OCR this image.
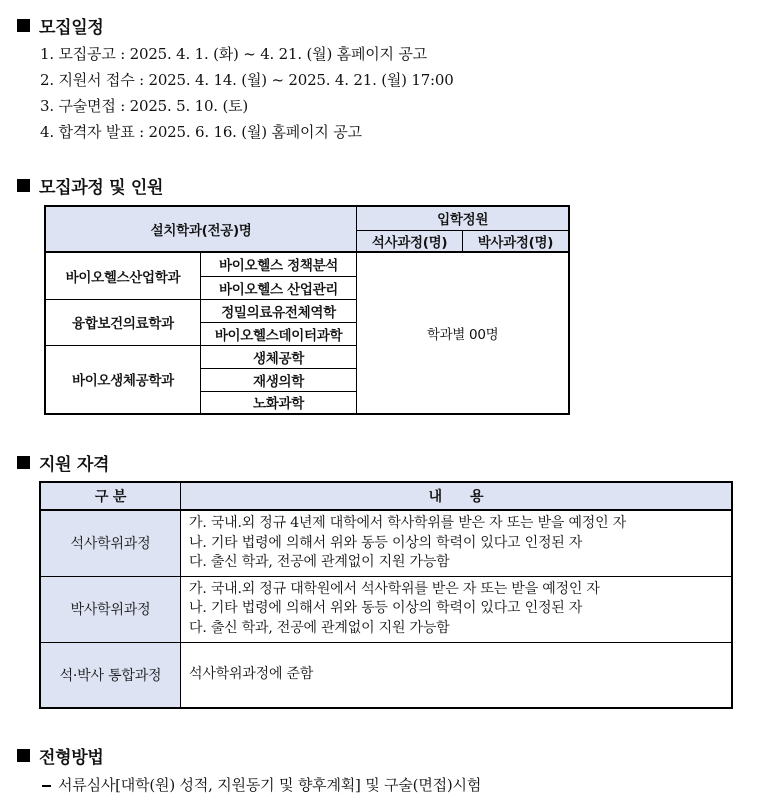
모집일정
1. 모집공고 : 2025. 4. 1. (화) ~ 4. 21. (월) 홈페이지 공고
2. 지원서 접수 : 2025. 4. 14. (월) ~ 2025. 4. 21. (월) 17:00
3. 구술면접 : 2025. 5. 10. (토)
4. 합격자 발표 : 2025. 6. 16. (월) 홈페이지 공고
모집과정 및 인원
설치학과(전공)명		입학정원	
		석사과정(명)	박사과정(명)
바이오헬스산업학과	바이오헬스 정책분석	학과별 00명	
	바이오헬스 산업관리		
융합보건의료학과	정밀의료유전체역학		
	바이오헬스데이터과학		
바이오생체공학과	생체공학		
	재생의학		
	노화과학		
지원 자격
구 분	내      용
석사학위과정	가. 국내.외 정규 4년제 대학에서 학사학위를 받은 자 또는 받을 예정인 자
나. 기타 법령에 의해서 위와 동등 이상의 학력이 있다고 인정된 자
다. 출신 학과, 전공에 관계없이 지원 가능함

박사학위과정	가. 국내.외 정규 대학원에서 석사학위를 받은 자 또는 받을 예정인 자
나. 기타 법령에 의해서 위와 동등 이상의 학력이 있다고 인정된 자
다. 출신 학과, 전공에 관계없이 지원 가능함

석·박사 통합과정	석사학위과정에 준함
전형방법
서류심사[대학(원) 성적, 지원동기 및 향후계획] 및 구술(면접)시험
